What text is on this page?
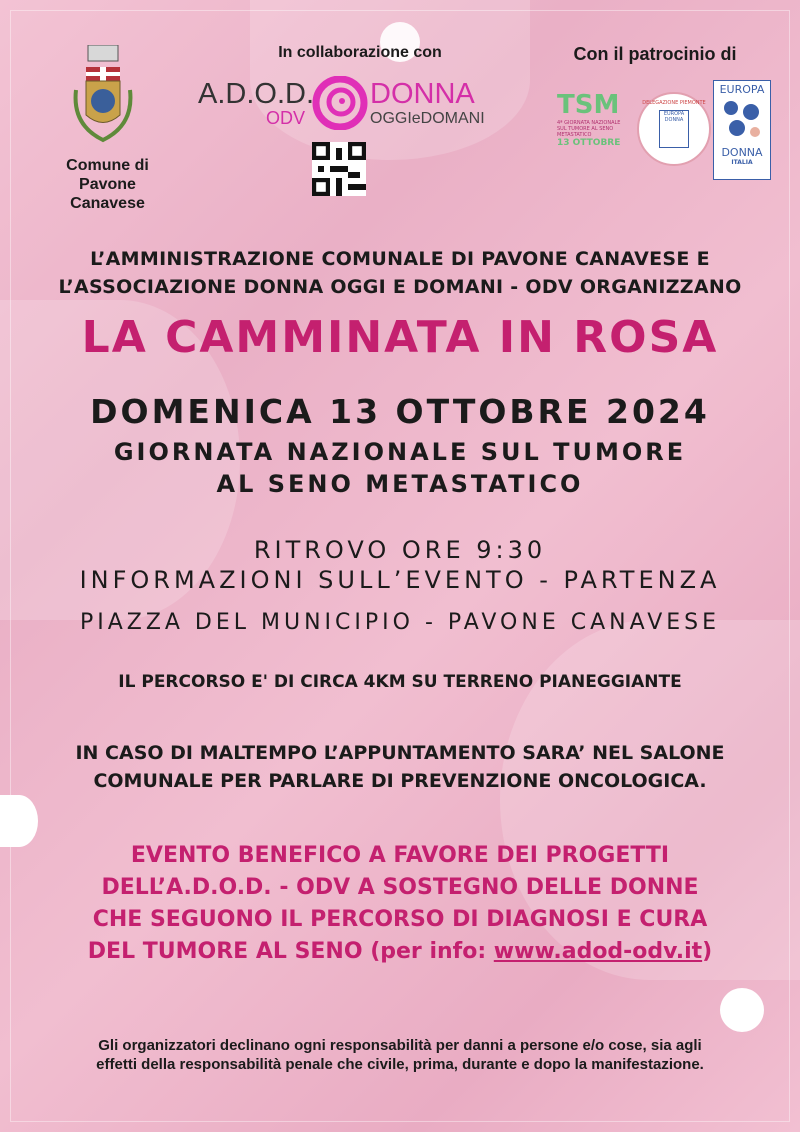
Comune di
Pavone Canavese
In collaborazione con
A.D.O.D.
ODV
DONNA
OGGIeDOMANI
Con il patrocinio di
TSM
4ª GIORNATA NAZIONALE SUL TUMORE AL SENO METASTATICO
13 OTTOBRE
DELEGAZIONE PIEMONTE
EUROPA DONNA
EUROPA
DONNA
ITALIA
L’AMMINISTRAZIONE COMUNALE DI PAVONE CANAVESE E
L’ASSOCIAZIONE DONNA OGGI E DOMANI - ODV ORGANIZZANO
LA CAMMINATA IN ROSA
DOMENICA 13 OTTOBRE 2024
GIORNATA NAZIONALE SUL TUMORE
AL SENO METASTATICO
RITROVO ORE 9:30
INFORMAZIONI SULL’EVENTO - PARTENZA
PIAZZA DEL MUNICIPIO - PAVONE CANAVESE
IL PERCORSO E' DI CIRCA 4KM SU TERRENO PIANEGGIANTE
IN CASO DI MALTEMPO L’APPUNTAMENTO SARA’ NEL SALONE
COMUNALE PER PARLARE DI PREVENZIONE ONCOLOGICA.
EVENTO BENEFICO A FAVORE DEI PROGETTI
DELL’A.D.O.D. - ODV A SOSTEGNO DELLE DONNE
CHE SEGUONO IL PERCORSO DI DIAGNOSI E CURA
DEL TUMORE AL SENO (per info: www.adod-odv.it)
Gli organizzatori declinano ogni responsabilità per danni a persone e/o cose, sia agli
effetti della responsabilità penale che civile, prima, durante e dopo la manifestazione.
